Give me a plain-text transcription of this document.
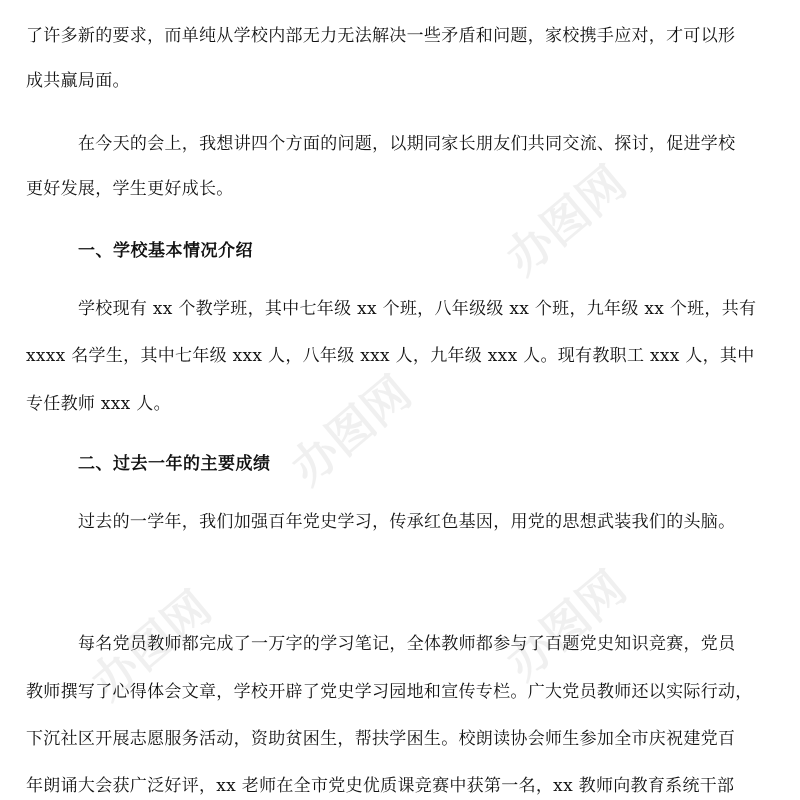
办图网
办图网
办图网	办图网
了许多新的要求，而单纯从学校内部无力无法解决一些矛盾和问题，家校携手应对，才可以形
成共赢局面。
在今天的会上，我想讲四个方面的问题，以期同家长朋友们共同交流、探讨，促进学校
更好发展，学生更好成长。
一、学校基本情况介绍
学校现有 xx 个教学班，其中七年级 xx 个班，八年级级 xx 个班，九年级 xx 个班，共有
xxxx 名学生，其中七年级 xxx 人，八年级 xxx 人，九年级 xxx 人。现有教职工 xxx 人，其中
专任教师 xxx 人。
二、过去一年的主要成绩
过去的一学年，我们加强百年党史学习，传承红色基因，用党的思想武装我们的头脑。
每名党员教师都完成了一万字的学习笔记，全体教师都参与了百题党史知识竞赛，党员
教师撰写了心得体会文章，学校开辟了党史学习园地和宣传专栏。广大党员教师还以实际行动，
下沉社区开展志愿服务活动，资助贫困生，帮扶学困生。校朗读协会师生参加全市庆祝建党百
年朗诵大会获广泛好评，xx 老师在全市党史优质课竞赛中获第一名，xx 教师向教育系统干部
